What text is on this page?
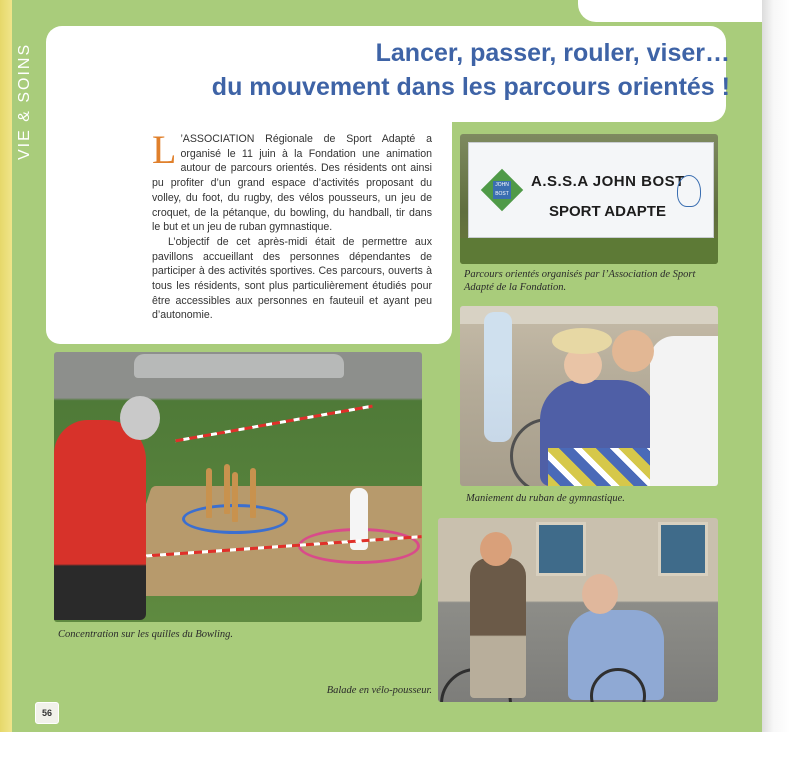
VIE & SOINS	Lancer, passer, rouler, viser…
du mouvement dans les parcours orientés !

L ’ASSOCIATION Régionale de Sport Adapté a organisé le 11 juin à la Fondation une animation autour de parcours orientés. Des résidents ont ainsi pu profiter d’un grand espace d’activités proposant du volley, du foot, du rugby, des vélos pousseurs, un jeu de croquet, de la pétanque, du bowling, du handball, tir dans le but et un jeu de ruban gymnastique.

L’objectif de cet après-midi était de permettre aux pavillons accueillant des personnes dépendantes de participer à des activités sportives. Ces parcours, ouverts à tous les résidents, sont plus particulièrement étudiés pour être accessibles aux personnes en fauteuil et ayant peu d’autonomie.

JOHN BOST
A.S.S.A JOHN BOST
SPORT ADAPTE
Parcours orientés organisés par l’Association de Sport Adapté de la Fondation.
Maniement du ruban de gymnastique.
Concentration sur les quilles du Bowling.
Balade en vélo-pousseur.
56
